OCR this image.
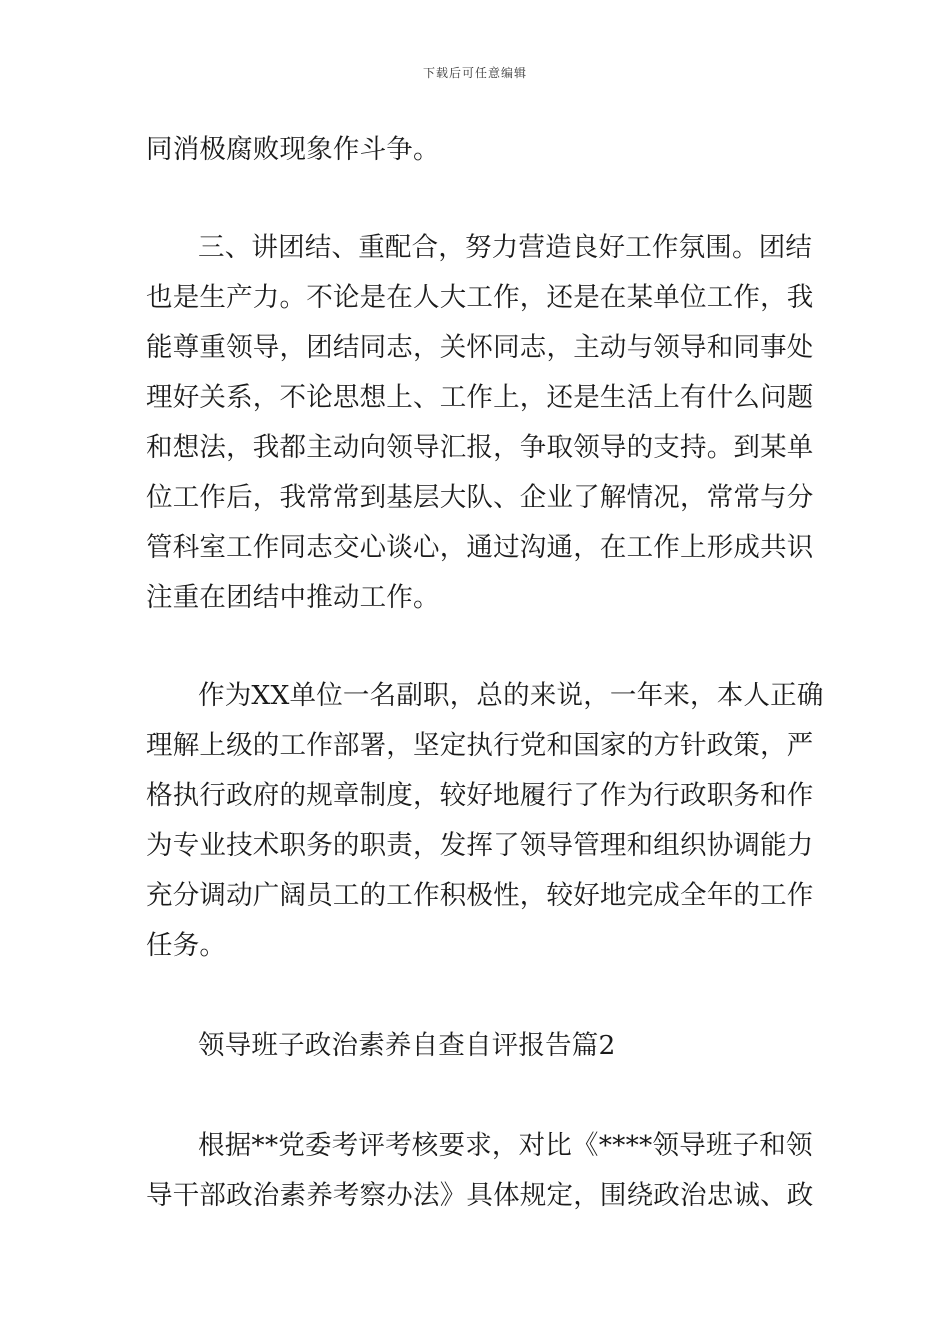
下载后可任意编辑
同消极腐败现象作斗争。
三、讲团结、重配合，努力营造良好工作氛围。团结
也是生产力。不论是在人大工作，还是在某单位工作，我
能尊重领导，团结同志，关怀同志，主动与领导和同事处
理好关系，不论思想上、工作上，还是生活上有什么问题
和想法，我都主动向领导汇报，争取领导的支持。到某单
位工作后，我常常到基层大队、企业了解情况，常常与分
管科室工作同志交心谈心，通过沟通，在工作上形成共识
注重在团结中推动工作。
作为XX单位一名副职，总的来说，一年来，本人正确
理解上级的工作部署，坚定执行党和国家的方针政策，严
格执行政府的规章制度，较好地履行了作为行政职务和作
为专业技术职务的职责，发挥了领导管理和组织协调能力
充分调动广阔员工的工作积极性，较好地完成全年的工作
任务。
领导班子政治素养自查自评报告篇2
根据**党委考评考核要求，对比《****领导班子和领
导干部政治素养考察办法》具体规定，围绕政治忠诚、政
